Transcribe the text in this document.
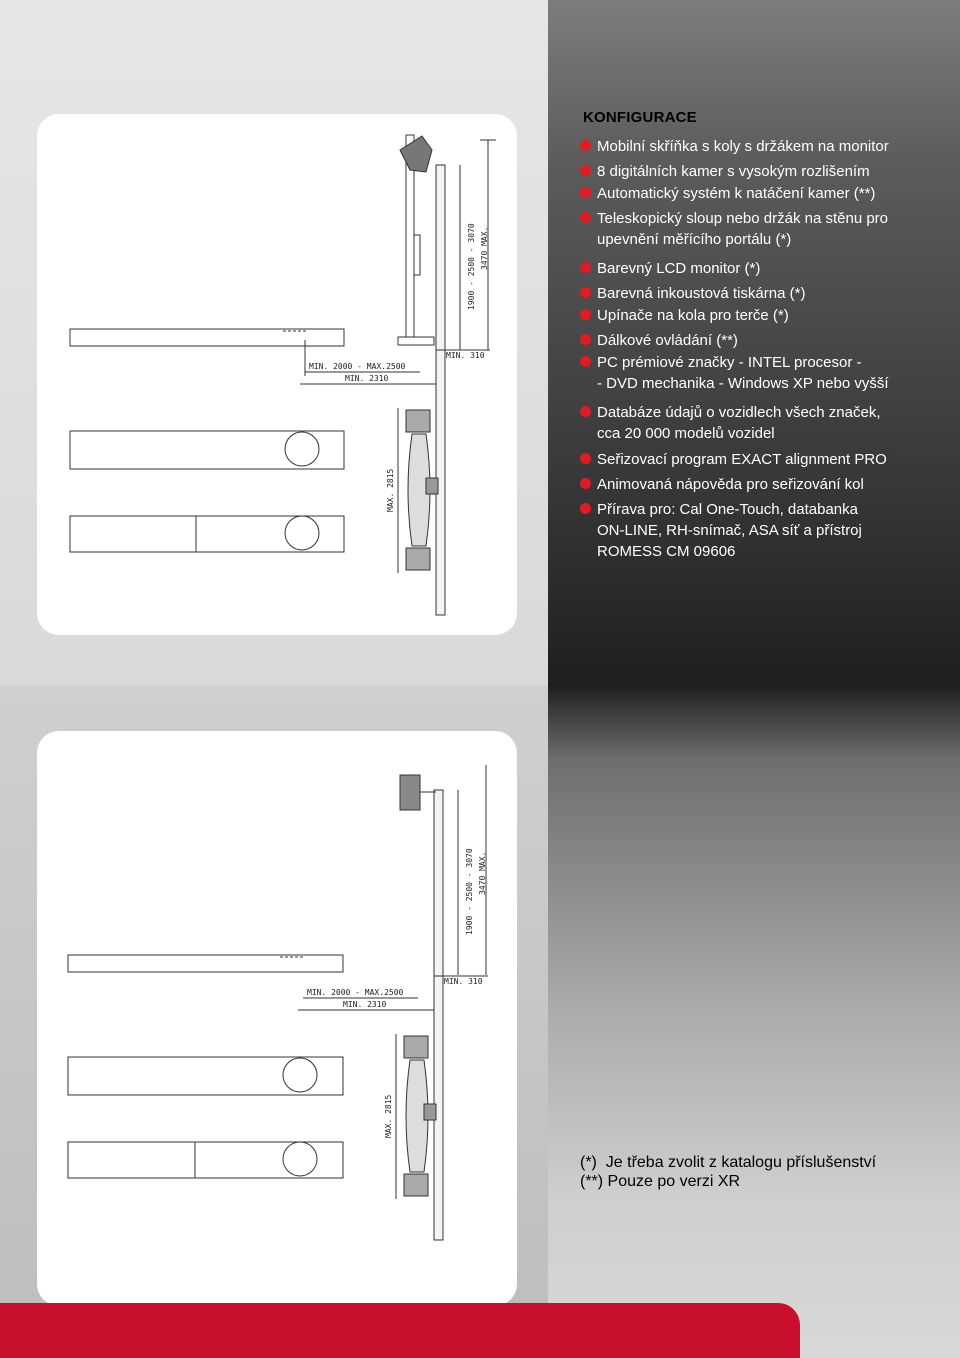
MIN. 2000 - MAX.2500
MIN. 2310
MIN. 310
1900 - 2500 - 3070 3470 MAX.
MAX. 2815
MIN. 2000 - MAX.2500
MIN. 2310
MIN. 310
1900 - 2500 - 3070 3470 MAX.
MAX. 2815
KONFIGURACE
Mobilní skříňka s koly s držákem na monitor
8 digitálních kamer s vysokým rozlišením
Automatický systém k natáčení kamer (**)
Teleskopický sloup nebo držák na stěnu pro
upevnění měřícího portálu (*)
Barevný LCD monitor (*)
Barevná inkoustová tiskárna (*)
Upínače na kola pro terče (*)
Dálkové ovládání (**)
PC prémiové značky - INTEL procesor -
- DVD mechanika - Windows XP nebo vyšší
Databáze údajů o vozidlech všech značek,
cca 20 000 modelů vozidel
Seřizovací program EXACT alignment PRO
Animovaná nápověda pro seřizování kol
Přírava pro: Cal One-Touch, databanka
ON-LINE, RH-snímač, ASA síť a přístroj
ROMESS CM 09606
(*)  Je třeba zvolit z katalogu příslušenství
(**) Pouze po verzi XR
